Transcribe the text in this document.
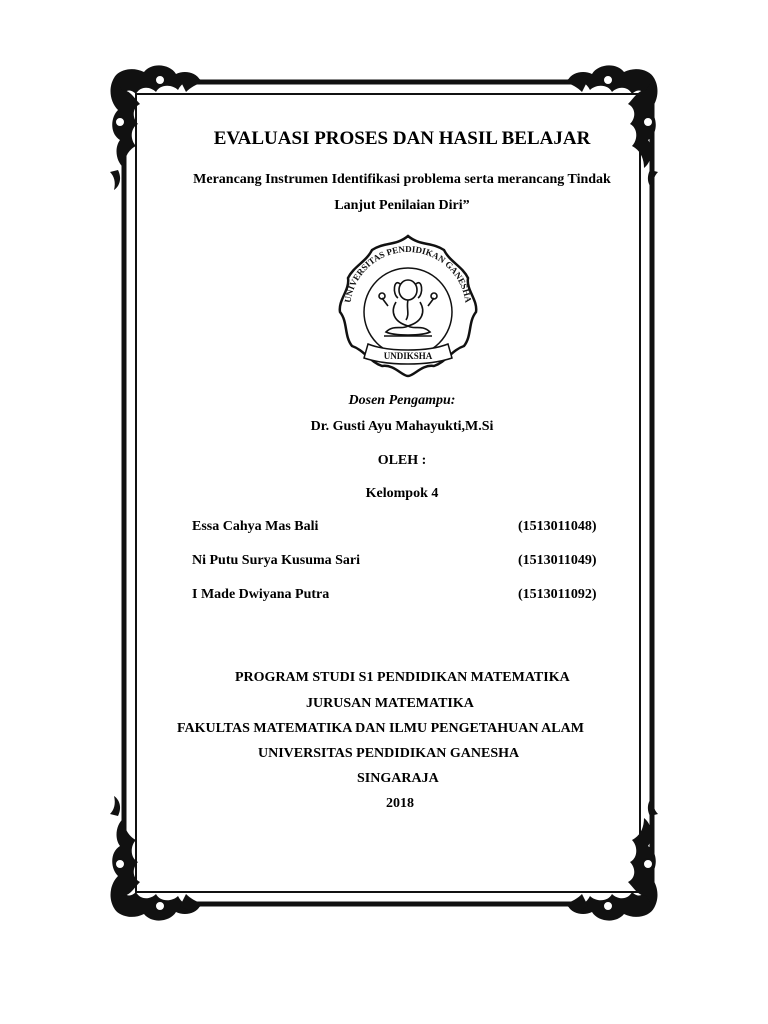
EVALUASI PROSES DAN HASIL BELAJAR
Merancang Instrumen Identifikasi problema serta merancang Tindak
Lanjut Penilaian Diri”
UNIVERSITAS PENDIDIKAN GANESHA
UNDIKSHA
Dosen Pengampu:
Dr. Gusti Ayu Mahayukti,M.Si
OLEH :
Kelompok 4
Essa Cahya Mas Bali	(1513011048)
Ni Putu Surya Kusuma Sari	(1513011049)
I Made Dwiyana Putra	(1513011092)
PROGRAM STUDI S1 PENDIDIKAN MATEMATIKA
JURUSAN MATEMATIKA
FAKULTAS MATEMATIKA DAN ILMU PENGETAHUAN ALAM
UNIVERSITAS PENDIDIKAN GANESHA
SINGARAJA
2018
